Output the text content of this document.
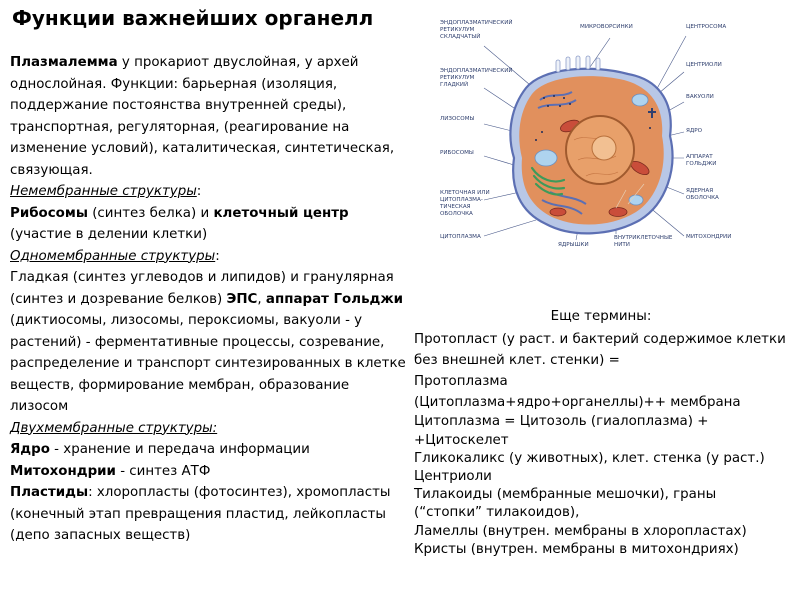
Функции важнейших органелл

Плазмалемма у прокариот двуслойная, у архей однослойная. Функции: барьерная (изоляция, поддержание постоянства внутренней среды), транспортная, регуляторная, (реагирование на изменение условий), каталитическая, синтетическая, связующая.

Немембранные структуры:

Рибосомы (синтез белка) и клеточный центр (участие в делении клетки)

Одномембранные структуры:

Гладкая (синтез углеводов и липидов) и гранулярная (синтез и дозревание белков) ЭПС, аппарат Гольджи (диктиосомы, лизосомы, пероксиомы, вакуоли - у растений) - ферментативные процессы, созревание, распределение и транспорт синтезированных в клетке веществ, формирование мембран, образование лизосом

Двухмембранные структуры:

Ядро - хранение и передача информации

Митохондрии - синтез АТФ

Пластиды: хлоропласты (фотосинтез), хромопласты (конечный этап превращения пластид, лейкопласты (депо запасных веществ)

ЭНДОПЛАЗМАТИЧЕСКИЙ
РЕТИКУЛУМ
СКЛАДЧАТЫЙ
МИКРОВОРСИНКИ	ЦЕНТРОСОМА
ЭНДОПЛАЗМАТИЧЕСКИЙ
РЕТИКУЛУМ
ГЛАДКИЙ
ЦЕНТРИОЛИ
ВАКУОЛИ
ЛИЗОСОМЫ
ЯДРО
РИБОСОМЫ
АППАРАТ
ГОЛЬДЖИ
КЛЕТОЧНАЯ ИЛИ
ЦИТОПЛАЗМА-
ТИЧЕСКАЯ
ОБОЛОЧКА
ЯДЕРНАЯ
ОБОЛОЧКА
ЦИТОПЛАЗМА
ЯДРЫШКИ
ВНУТРИКЛЕТОЧНЫЕ
НИТИ
МИТОХОНДРИИ

Еще термины:

Протопласт (у раст. и бактерий содержимое клетки без внешней клет. стенки) =

Протоплазма

(Цитоплазма+ядро+органеллы)++ мембрана

Цитоплазма = Цитозоль (гиалоплазма) + +Цитоскелет

Гликокаликс (у животных), клет. стенка (у раст.)

Центриоли

Тилакоиды (мембранные мешочки), граны (“стопки” тилакоидов),

Ламеллы (внутрен. мембраны в хлоропластах)

Кристы (внутрен. мембраны в митохондриях)
